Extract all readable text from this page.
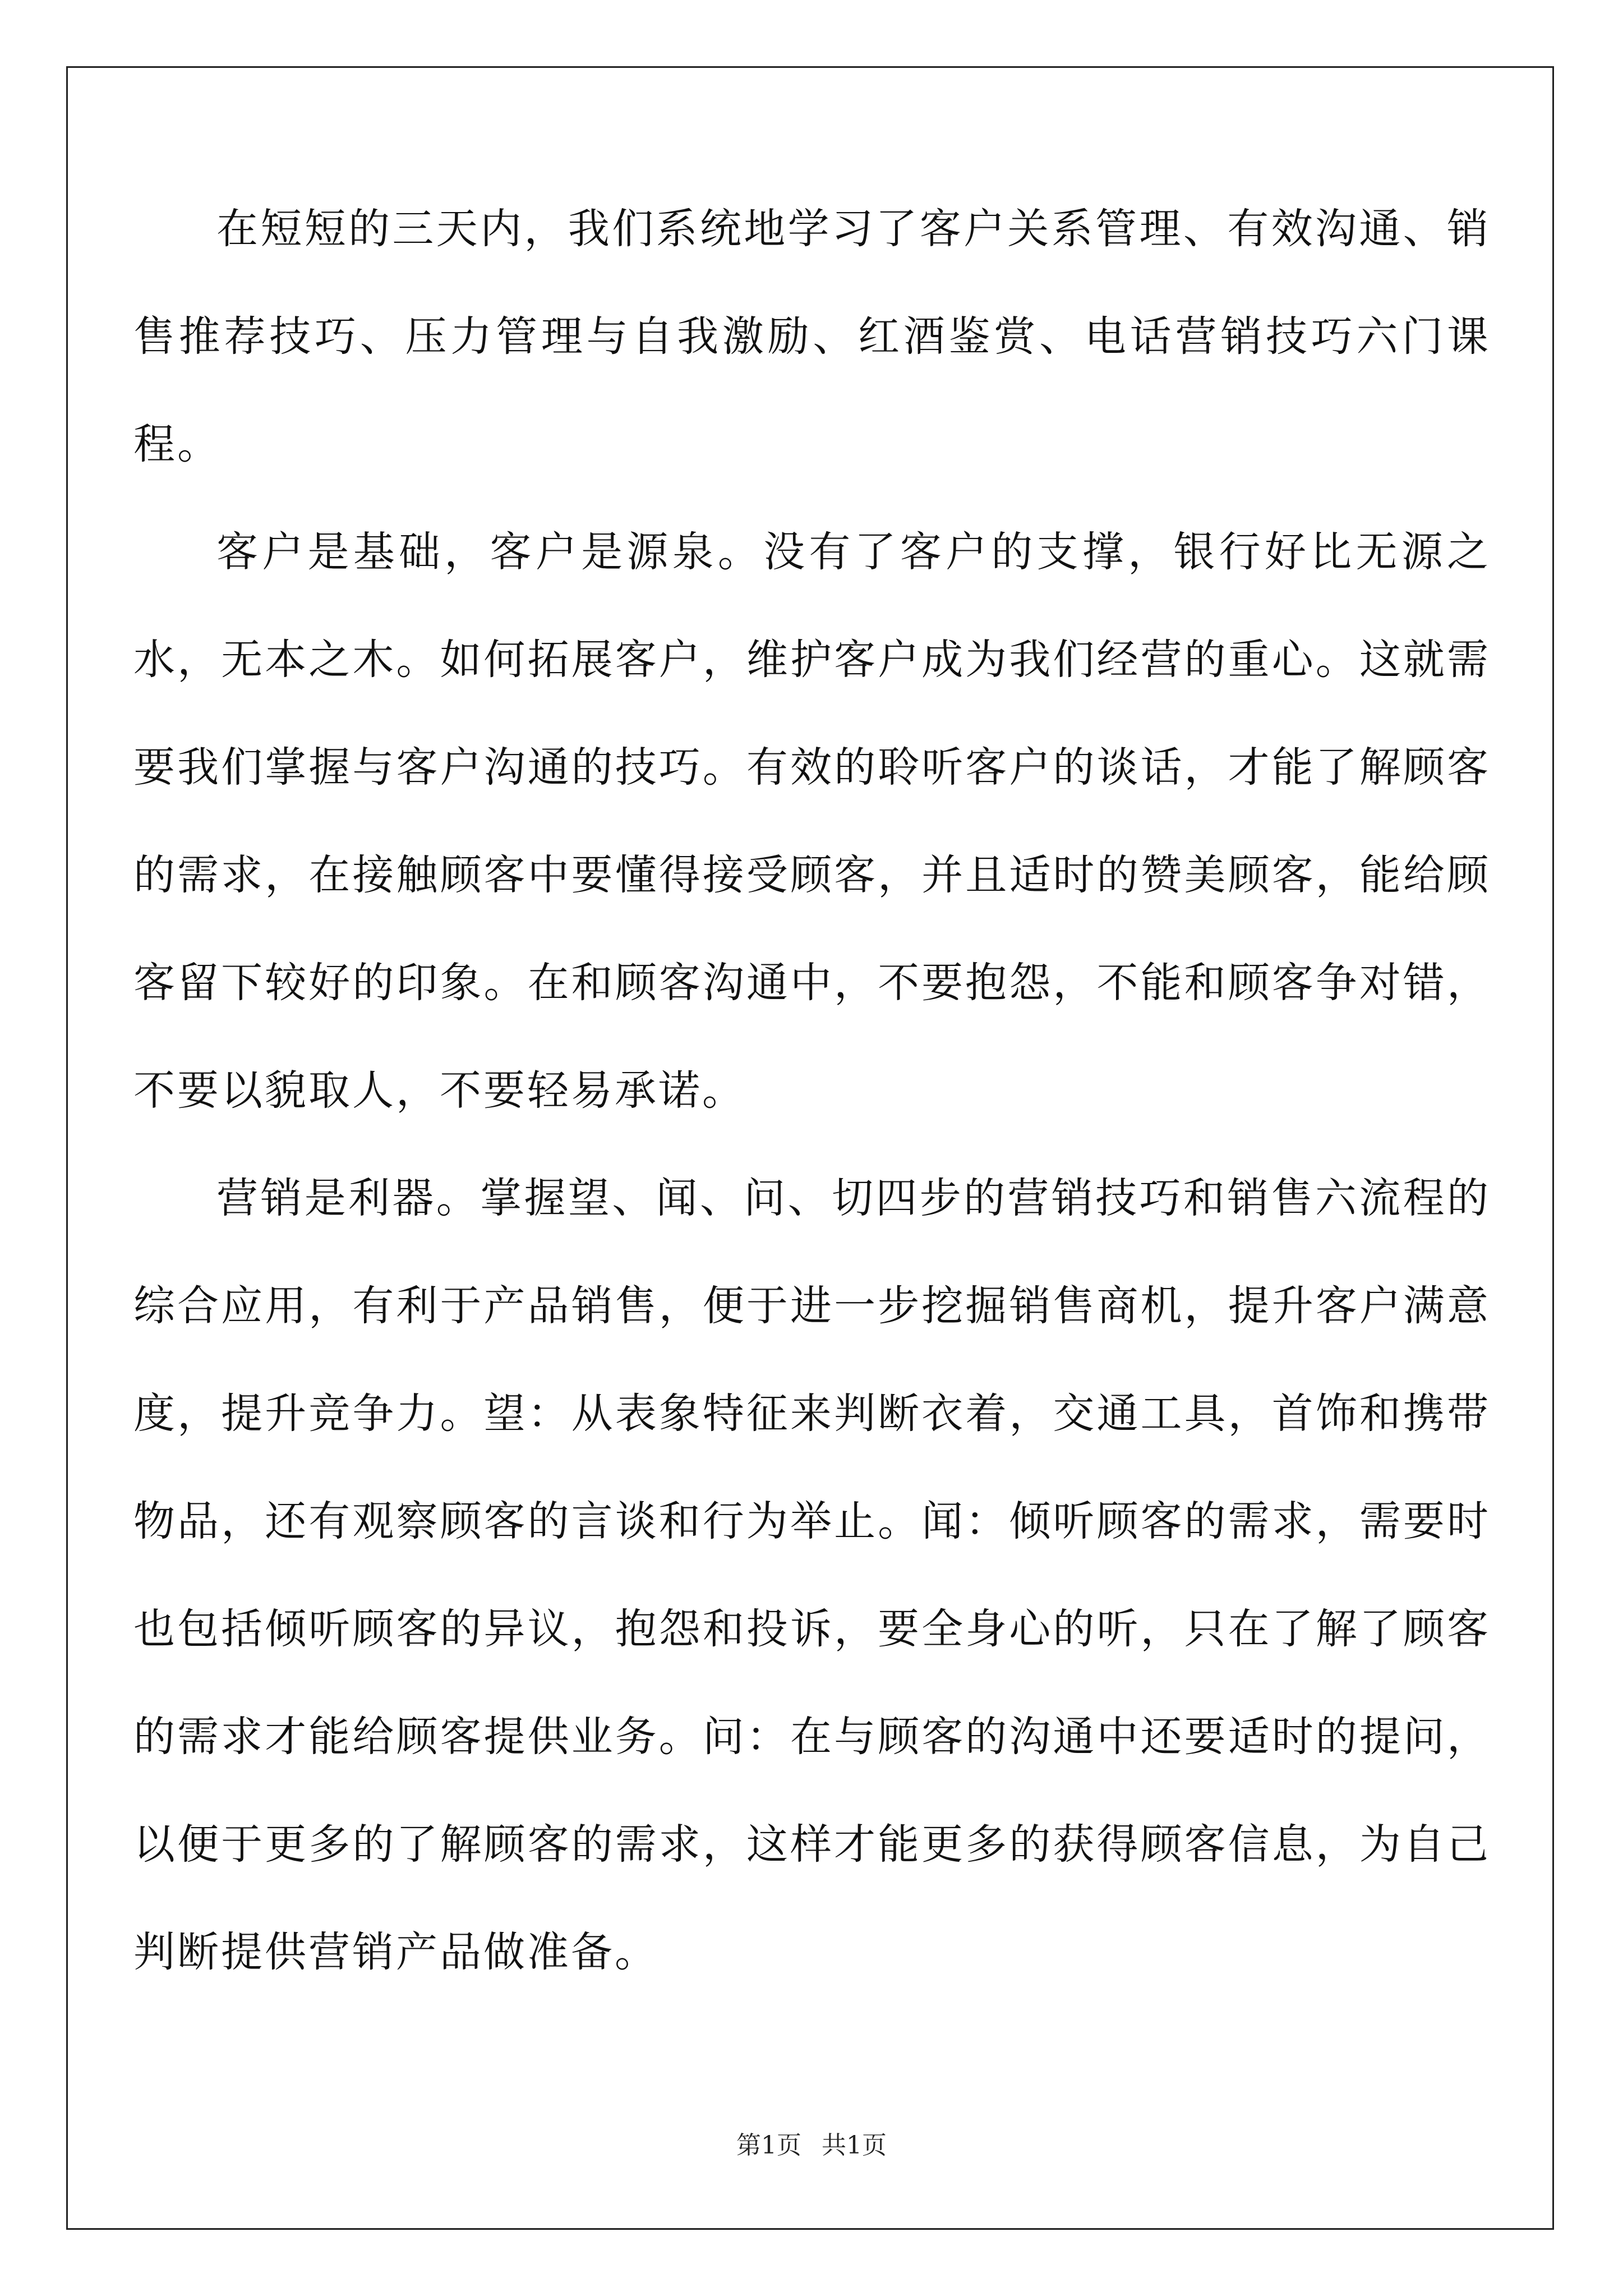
在短短的三天内，我们系统地学习了客户关系管理、有效沟通、销售推荐技巧、压力管理与自我激励、红酒鉴赏、电话营销技巧六门课程。

客户是基础，客户是源泉。没有了客户的支撑，银行好比无源之水，无本之木。如何拓展客户，维护客户成为我们经营的重心。这就需要我们掌握与客户沟通的技巧。有效的聆听客户的谈话，才能了解顾客的需求，在接触顾客中要懂得接受顾客，并且适时的赞美顾客，能给顾客留下较好的印象。在和顾客沟通中，不要抱怨，不能和顾客争对错，不要以貌取人，不要轻易承诺。

营销是利器。掌握望、闻、问、切四步的营销技巧和销售六流程的综合应用，有利于产品销售，便于进一步挖掘销售商机，提升客户满意度，提升竞争力。望：从表象特征来判断衣着，交通工具，首饰和携带物品，还有观察顾客的言谈和行为举止。闻：倾听顾客的需求，需要时也包括倾听顾客的异议，抱怨和投诉，要全身心的听，只在了解了顾客的需求才能给顾客提供业务。问：在与顾客的沟通中还要适时的提问，以便于更多的了解顾客的需求，这样才能更多的获得顾客信息，为自己判断提供营销产品做准备。

第1页 共1页
